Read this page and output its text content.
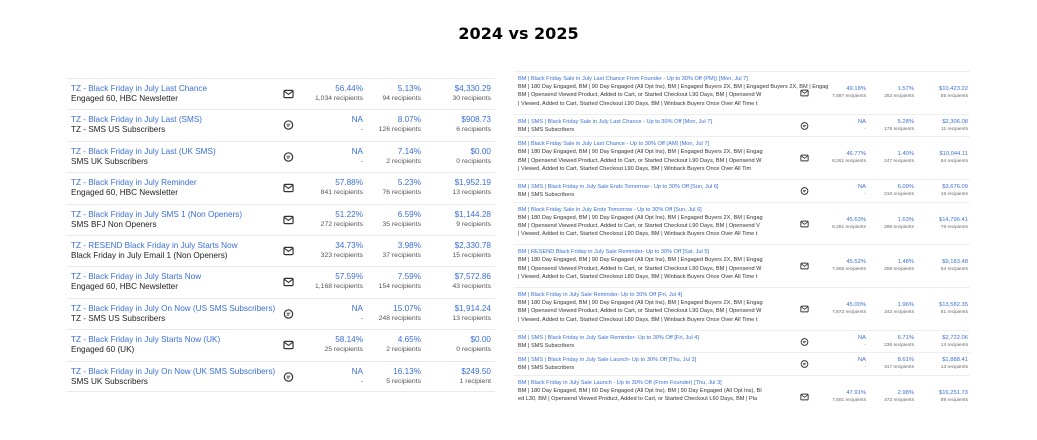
2024 vs 2025
TZ - Black Friday in July Last Chance
Engaged 60, HBC Newsletter
56.44%
1,034 recipients
5.13%
94 recipients
$4,330.29
30 recipients
TZ - Black Friday in July Last (SMS)
TZ - SMS US Subscribers
NA
-
8.07%
126 recipients
$908.73
6 recipients
TZ - Black Friday in July Last (UK SMS)
SMS UK Subscribers
NA
-
7.14%
2 recipients
$0.00
0 recipients
TZ - Black Friday in July Reminder
Engaged 60, HBC Newsletter
57.88%
841 recipients
5.23%
76 recipients
$1,952.19
13 recipients
TZ - Black Friday in July SMS 1 (Non Openers)
SMS BFJ Non Openers
51.22%
272 recipients
6.59%
35 recipients
$1,144.28
9 recipients
TZ - RESEND Black Friday in July Starts Now
Black Friday in July Email 1 (Non Openers)
34.73%
323 recipients
3.98%
37 recipients
$2,330.78
15 recipients
TZ - Black Friday in July Starts Now
Engaged 60, HBC Newsletter
57.59%
1,168 recipients
7.59%
154 recipients
$7,572.86
43 recipients
TZ - Black Friday in July On Now (US SMS Subscribers)
TZ - SMS US Subscribers
NA
-
15.07%
248 recipients
$1,914.24
13 recipients
TZ - Black Friday in July Starts Now (UK)
Engaged 60 (UK)
58.14%
25 recipients
4.65%
2 recipients
$0.00
0 recipients
TZ - Black Friday in July On Now (UK SMS Subscribers)
SMS UK Subscribers
NA
-
16.13%
5 recipients
$249.50
1 recipient
BM | Black Friday Sale in July Last Chance From Founder - Up to 30% Off (PM)) [Mon, Jul 7]
BM | 180 Day Engaged, BM | 90 Day Engaged (All Opt Ins), BM | Engaged Buyers 2X, BM | Engaged Buyers 2X, BM | Engag
BM | Opensend Viewed Product, Added to Cart, or Started Checkout L90 Days, BM | Opensend W
| Viewed, Added to Cart, Started Checkout L90 Days, BM | Winback Buyers Once Over All Time t
49.18%
7,897 recipients
1.57%
252 recipients
$10,423.22
55 recipients
BM | SMS | Black Friday Sale in July Last Chance - Up to 30% Off [Mon, Jul 7]
BM | SMS Subscribers
NA
-
5.28%
175 recipients
$2,306.08
11 recipients
BM | Black Friday Sale in July Last Chance - Up to 30% Off (AM) [Mon, Jul 7]
BM | 180 Day Engaged, BM | 90 Day Engaged (All Opt Ins), BM | Engaged Buyers 2X, BM | Engag
BM | Opensend Viewed Product, Added to Cart, or Started Checkout L90 Days, BM | Opensend W
| Viewed, Added to Cart, Started Checkout L90 Days, BM | Winback Buyers Once Over All Tim
46.77%
8,261 recipients
1.40%
247 recipients
$10,044.11
54 recipients
BM | SMS | Black Friday in July Sale Ends Tomorrow - Up to 30% Off [Sun, Jul 6]
BM | SMS Subscribers
NA
-
6.09%
210 recipients
$3,676.09
16 recipients
BM | Black Friday Sale in July Ends Tomorrow - Up to 30% Off [Sun, Jul 6]
BM | 180 Day Engaged, BM | 90 Day Engaged (All Opt Ins), BM | Engaged Buyers 2X, BM | Engag
BM | Opensend Viewed Product, Added to Cart, or Started Checkout L90 Days, BM | Opensend V
| Viewed, Added to Cart, Started Checkout L90 Days, BM | Winback Buyers Once Over All Time t
45.63%
8,261 recipients
1.63%
295 recipients
$14,796.41
76 recipients
BM | RESEND Black Friday in July Sale Reminder- Up to 30% Off [Sat, Jul 5]
BM | 180 Day Engaged, BM | 90 Day Engaged (All Opt Ins), BM | Engaged Buyers 2X, BM | Engag
BM | Opensend Viewed Product, Added to Cart, or Started Checkout L90 Days, BM | Opensend W
| Viewed, Added to Cart, Started Checkout L80 Days, BM | Winback Buyers Once Over All Time t
45.52%
7,905 recipients
1.48%
258 recipients
$9,183.48
54 recipients
BM | Black Friday in July Sale Reminder- Up to 30% Off [Fri, Jul 4]
BM | 180 Day Engaged, BM | 90 Day Engaged (All Opt Ins), BM | Engaged Buyers 2X, BM | Engag
BM | Opensend Viewed Product, Added to Cart, or Started Checkout L90 Days, BM | Opensend W
| Viewed, Added to Cart, Started Checkout L80 Days, BM | Winback Buyers Once Over All Time t
45.00%
7,872 recipients
1.96%
342 recipients
$13,582.35
61 recipients
BM | SMS | Black Friday in July Sale Reminder- Up to 30% Off [Fri, Jul 4]
BM | SMS Subscribers
NA
-
6.71%
236 recipients
$2,722.06
14 recipients
BM | SMS | Black Friday in July Sale Launch- Up to 30% Off [Thu, Jul 3]
BM | SMS Subscribers
NA
-
8.61%
317 recipients
$1,888.41
13 recipients
BM | Black Friday in July Sale Launch - Up to 30% Off (From Founder) [Thu, Jul 3]
BM | 180 Day Engaged, BM | 60 Day Engaged (All Opt Ins), BM | 90 Day Engaged (All Opt Ins), BI
ed L30, BM | Opensend Viewed Product, Added to Cart, or Started Checkout L60 Days, BM | Pla
47.91%
7,601 recipients
2.98%
472 recipients
$16,251.73
89 recipients
